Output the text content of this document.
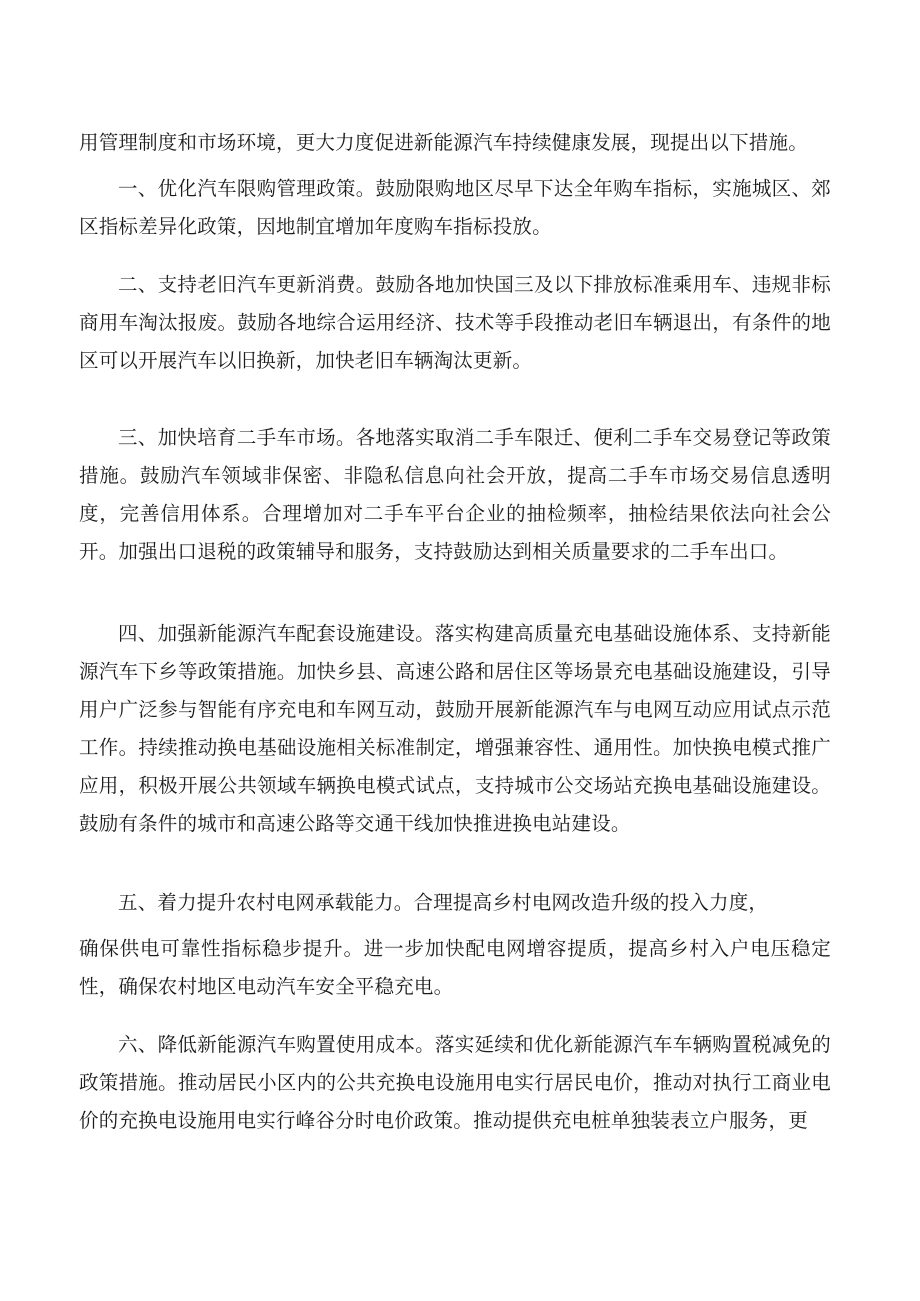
用管理制度和市场环境，更大力度促进新能源汽车持续健康发展，现提出以下措施。

一、优化汽车限购管理政策。鼓励限购地区尽早下达全年购车指标，实施城区、郊区指标差异化政策，因地制宜增加年度购车指标投放。

二、支持老旧汽车更新消费。鼓励各地加快国三及以下排放标准乘用车、违规非标商用车淘汰报废。鼓励各地综合运用经济、技术等手段推动老旧车辆退出，有条件的地区可以开展汽车以旧换新，加快老旧车辆淘汰更新。

三、加快培育二手车市场。各地落实取消二手车限迁、便利二手车交易登记等政策措施。鼓励汽车领域非保密、非隐私信息向社会开放，提高二手车市场交易信息透明度，完善信用体系。合理增加对二手车平台企业的抽检频率，抽检结果依法向社会公开。加强出口退税的政策辅导和服务，支持鼓励达到相关质量要求的二手车出口。

四、加强新能源汽车配套设施建设。落实构建高质量充电基础设施体系、支持新能源汽车下乡等政策措施。加快乡县、高速公路和居住区等场景充电基础设施建设，引导用户广泛参与智能有序充电和车网互动，鼓励开展新能源汽车与电网互动应用试点示范工作。持续推动换电基础设施相关标准制定，增强兼容性、通用性。加快换电模式推广应用，积极开展公共领域车辆换电模式试点，支持城市公交场站充换电基础设施建设。鼓励有条件的城市和高速公路等交通干线加快推进换电站建设。

五、着力提升农村电网承载能力。合理提高乡村电网改造升级的投入力度，

确保供电可靠性指标稳步提升。进一步加快配电网增容提质，提高乡村入户电压稳定性，确保农村地区电动汽车安全平稳充电。

六、降低新能源汽车购置使用成本。落实延续和优化新能源汽车车辆购置税减免的政策措施。推动居民小区内的公共充换电设施用电实行居民电价，推动对执行工商业电价的充换电设施用电实行峰谷分时电价政策。推动提供充电桩单独装表立户服务，更
